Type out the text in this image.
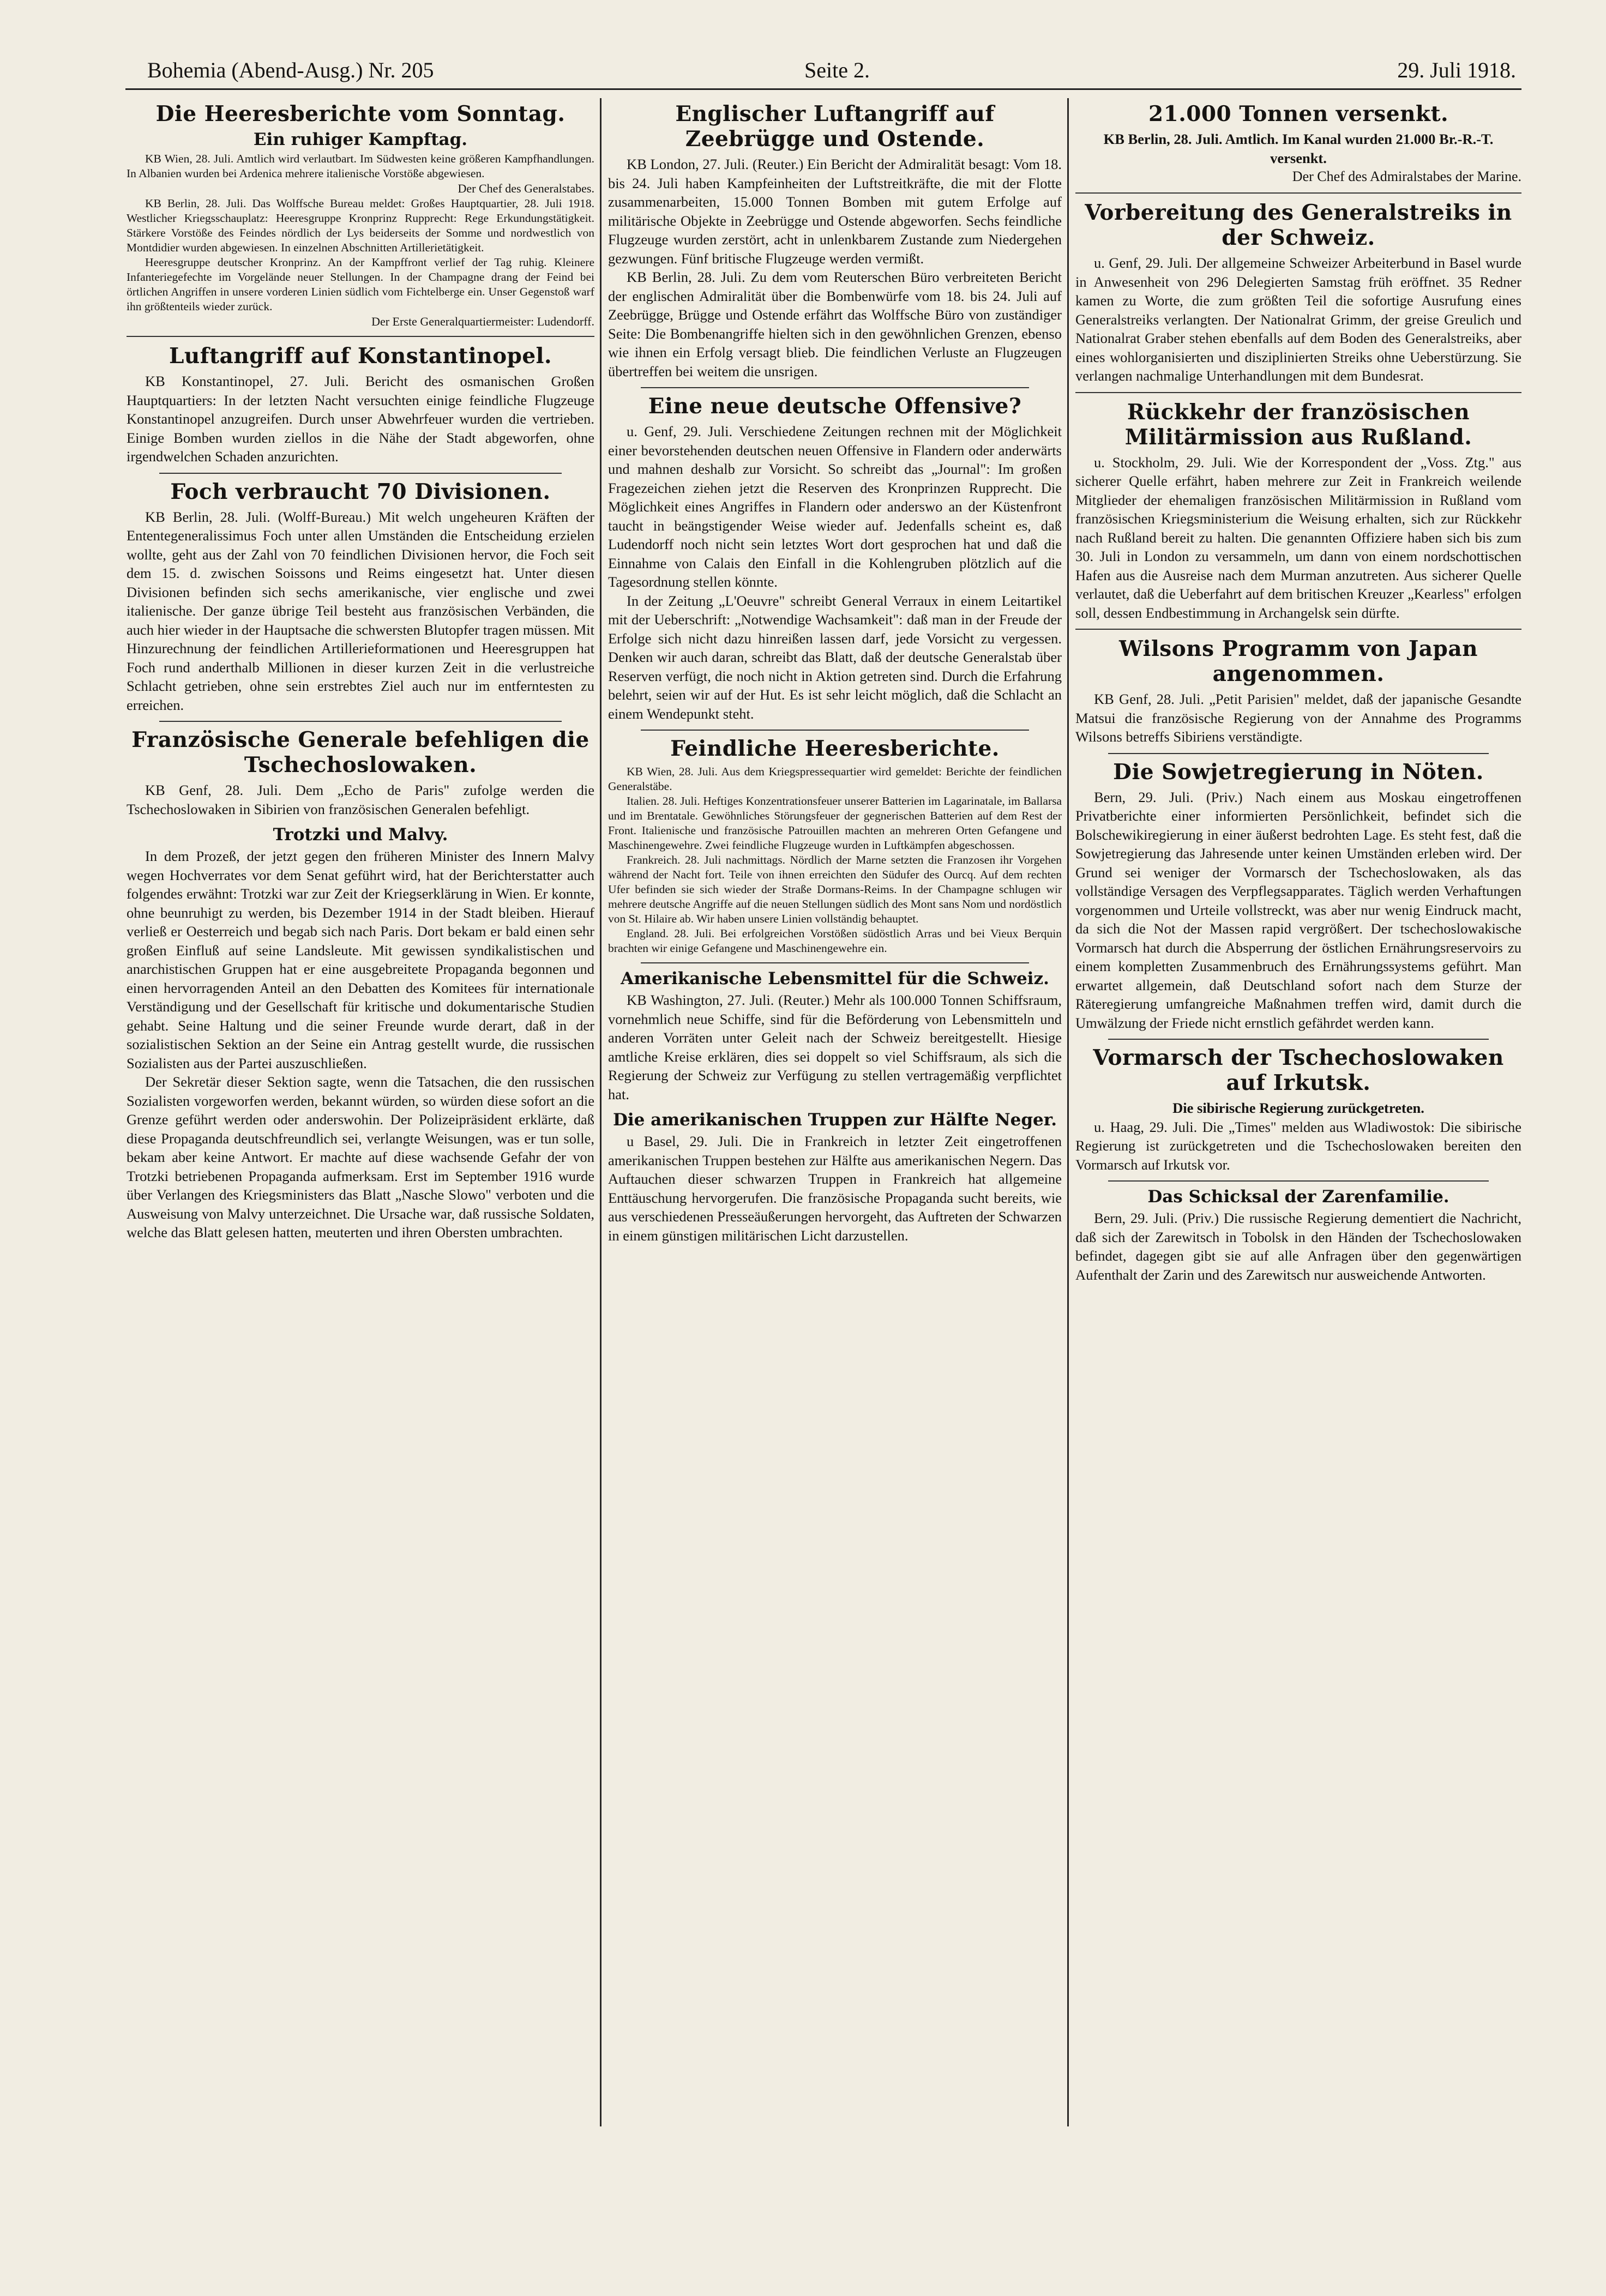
Bohemia (Abend-Ausg.) Nr. 205	Seite 2.	29. Juli 1918.
Die Heeresberichte vom Sonntag.
Ein ruhiger Kampftag.

KB Wien, 28. Juli. Amtlich wird verlautbart. Im Südwesten keine größeren Kampfhandlungen. In Albanien wurden bei Ardenica mehrere italienische Vorstöße abgewiesen.

Der Chef des Generalstabes.

KB Berlin, 28. Juli. Das Wolffsche Bureau meldet: Großes Hauptquartier, 28. Juli 1918. Westlicher Kriegsschauplatz: Heeresgruppe Kronprinz Rupprecht: Rege Erkundungstätigkeit. Stärkere Vorstöße des Feindes nördlich der Lys beiderseits der Somme und nordwestlich von Montdidier wurden abgewiesen. In einzelnen Abschnitten Artillerietätigkeit.

Heeresgruppe deutscher Kronprinz. An der Kampffront verlief der Tag ruhig. Kleinere Infanteriegefechte im Vorgelände neuer Stellungen. In der Champagne drang der Feind bei örtlichen Angriffen in unsere vorderen Linien südlich vom Fichtelberge ein. Unser Gegenstoß warf ihn größtenteils wieder zurück.

Der Erste Generalquartiermeister: Ludendorff.

Luftangriff auf Konstantinopel.

KB Konstantinopel, 27. Juli. Bericht des osmanischen Großen Hauptquartiers: In der letzten Nacht versuchten einige feindliche Flugzeuge Konstantinopel anzugreifen. Durch unser Abwehrfeuer wurden die vertrieben. Einige Bomben wurden ziellos in die Nähe der Stadt abgeworfen, ohne irgendwelchen Schaden anzurichten.

Foch verbraucht 70 Divisionen.

KB Berlin, 28. Juli. (Wolff-Bureau.) Mit welch ungeheuren Kräften der Ententegeneralissimus Foch unter allen Umständen die Entscheidung erzielen wollte, geht aus der Zahl von 70 feindlichen Divisionen hervor, die Foch seit dem 15. d. zwischen Soissons und Reims eingesetzt hat. Unter diesen Divisionen befinden sich sechs amerikanische, vier englische und zwei italienische. Der ganze übrige Teil besteht aus französischen Verbänden, die auch hier wieder in der Hauptsache die schwersten Blutopfer tragen müssen. Mit Hinzurechnung der feindlichen Artillerieformationen und Heeresgruppen hat Foch rund anderthalb Millionen in dieser kurzen Zeit in die verlustreiche Schlacht getrieben, ohne sein erstrebtes Ziel auch nur im entferntesten zu erreichen.

Französische Generale befehligen die Tschechoslowaken.

KB Genf, 28. Juli. Dem „Echo de Paris" zufolge werden die Tschechoslowaken in Sibirien von französischen Generalen befehligt.

Trotzki und Malvy.

In dem Prozeß, der jetzt gegen den früheren Minister des Innern Malvy wegen Hochverrates vor dem Senat geführt wird, hat der Berichterstatter auch folgendes erwähnt: Trotzki war zur Zeit der Kriegserklärung in Wien. Er konnte, ohne beunruhigt zu werden, bis Dezember 1914 in der Stadt bleiben. Hierauf verließ er Oesterreich und begab sich nach Paris. Dort bekam er bald einen sehr großen Einfluß auf seine Landsleute. Mit gewissen syndikalistischen und anarchistischen Gruppen hat er eine ausgebreitete Propaganda begonnen und einen hervorragenden Anteil an den Debatten des Komitees für internationale Verständigung und der Gesellschaft für kritische und dokumentarische Studien gehabt. Seine Haltung und die seiner Freunde wurde derart, daß in der sozialistischen Sektion an der Seine ein Antrag gestellt wurde, die russischen Sozialisten aus der Partei auszuschließen.

Der Sekretär dieser Sektion sagte, wenn die Tatsachen, die den russischen Sozialisten vorgeworfen werden, bekannt würden, so würden diese sofort an die Grenze geführt werden oder anderswohin. Der Polizeipräsident erklärte, daß diese Propaganda deutschfreundlich sei, verlangte Weisungen, was er tun solle, bekam aber keine Antwort. Er machte auf diese wachsende Gefahr der von Trotzki betriebenen Propaganda aufmerksam. Erst im September 1916 wurde über Verlangen des Kriegsministers das Blatt „Nasche Slowo" verboten und die Ausweisung von Malvy unterzeichnet. Die Ursache war, daß russische Soldaten, welche das Blatt gelesen hatten, meuterten und ihren Obersten umbrachten.

Englischer Luftangriff auf Zeebrügge und Ostende.

KB London, 27. Juli. (Reuter.) Ein Bericht der Admiralität besagt: Vom 18. bis 24. Juli haben Kampfeinheiten der Luftstreitkräfte, die mit der Flotte zusammenarbeiten, 15.000 Tonnen Bomben mit gutem Erfolge auf militärische Objekte in Zeebrügge und Ostende abgeworfen. Sechs feindliche Flugzeuge wurden zerstört, acht in unlenkbarem Zustande zum Niedergehen gezwungen. Fünf britische Flugzeuge werden vermißt.

KB Berlin, 28. Juli. Zu dem vom Reuterschen Büro verbreiteten Bericht der englischen Admiralität über die Bombenwürfe vom 18. bis 24. Juli auf Zeebrügge, Brügge und Ostende erfährt das Wolffsche Büro von zuständiger Seite: Die Bombenangriffe hielten sich in den gewöhnlichen Grenzen, ebenso wie ihnen ein Erfolg versagt blieb. Die feindlichen Verluste an Flugzeugen übertreffen bei weitem die unsrigen.

Eine neue deutsche Offensive?

u. Genf, 29. Juli. Verschiedene Zeitungen rechnen mit der Möglichkeit einer bevorstehenden deutschen neuen Offensive in Flandern oder anderwärts und mahnen deshalb zur Vorsicht. So schreibt das „Journal": Im großen Fragezeichen ziehen jetzt die Reserven des Kronprinzen Rupprecht. Die Möglichkeit eines Angriffes in Flandern oder anderswo an der Küstenfront taucht in beängstigender Weise wieder auf. Jedenfalls scheint es, daß Ludendorff noch nicht sein letztes Wort dort gesprochen hat und daß die Einnahme von Calais den Einfall in die Kohlengruben plötzlich auf die Tagesordnung stellen könnte.

In der Zeitung „L'Oeuvre" schreibt General Verraux in einem Leitartikel mit der Ueberschrift: „Notwendige Wachsamkeit": daß man in der Freude der Erfolge sich nicht dazu hinreißen lassen darf, jede Vorsicht zu vergessen. Denken wir auch daran, schreibt das Blatt, daß der deutsche Generalstab über Reserven verfügt, die noch nicht in Aktion getreten sind. Durch die Erfahrung belehrt, seien wir auf der Hut. Es ist sehr leicht möglich, daß die Schlacht an einem Wendepunkt steht.

Feindliche Heeresberichte.

KB Wien, 28. Juli. Aus dem Kriegspressequartier wird gemeldet: Berichte der feindlichen Generalstäbe.

Italien. 28. Juli. Heftiges Konzentrationsfeuer unserer Batterien im Lagarinatale, im Ballarsa und im Brentatale. Gewöhnliches Störungsfeuer der gegnerischen Batterien auf dem Rest der Front. Italienische und französische Patrouillen machten an mehreren Orten Gefangene und Maschinengewehre. Zwei feindliche Flugzeuge wurden in Luftkämpfen abgeschossen.

Frankreich. 28. Juli nachmittags. Nördlich der Marne setzten die Franzosen ihr Vorgehen während der Nacht fort. Teile von ihnen erreichten den Südufer des Ourcq. Auf dem rechten Ufer befinden sie sich wieder der Straße Dormans-Reims. In der Champagne schlugen wir mehrere deutsche Angriffe auf die neuen Stellungen südlich des Mont sans Nom und nordöstlich von St. Hilaire ab. Wir haben unsere Linien vollständig behauptet.

England. 28. Juli. Bei erfolgreichen Vorstößen südöstlich Arras und bei Vieux Berquin brachten wir einige Gefangene und Maschinengewehre ein.

Amerikanische Lebensmittel für die Schweiz.

KB Washington, 27. Juli. (Reuter.) Mehr als 100.000 Tonnen Schiffsraum, vornehmlich neue Schiffe, sind für die Beförderung von Lebensmitteln und anderen Vorräten unter Geleit nach der Schweiz bereitgestellt. Hiesige amtliche Kreise erklären, dies sei doppelt so viel Schiffsraum, als sich die Regierung der Schweiz zur Verfügung zu stellen vertragemäßig verpflichtet hat.

Die amerikanischen Truppen zur Hälfte Neger.

u Basel, 29. Juli. Die in Frankreich in letzter Zeit eingetroffenen amerikanischen Truppen bestehen zur Hälfte aus amerikanischen Negern. Das Auftauchen dieser schwarzen Truppen in Frankreich hat allgemeine Enttäuschung hervorgerufen. Die französische Propaganda sucht bereits, wie aus verschiedenen Presseäußerungen hervorgeht, das Auftreten der Schwarzen in einem günstigen militärischen Licht darzustellen.

21.000 Tonnen versenkt.

KB Berlin, 28. Juli. Amtlich. Im Kanal wurden 21.000 Br.-R.-T. versenkt.

Der Chef des Admiralstabes der Marine.

Vorbereitung des Generalstreiks in der Schweiz.

u. Genf, 29. Juli. Der allgemeine Schweizer Arbeiterbund in Basel wurde in Anwesenheit von 296 Delegierten Samstag früh eröffnet. 35 Redner kamen zu Worte, die zum größten Teil die sofortige Ausrufung eines Generalstreiks verlangten. Der Nationalrat Grimm, der greise Greulich und Nationalrat Graber stehen ebenfalls auf dem Boden des Generalstreiks, aber eines wohlorganisierten und disziplinierten Streiks ohne Ueberstürzung. Sie verlangen nachmalige Unterhandlungen mit dem Bundesrat.

Rückkehr der französischen Militärmission aus Rußland.

u. Stockholm, 29. Juli. Wie der Korrespondent der „Voss. Ztg." aus sicherer Quelle erfährt, haben mehrere zur Zeit in Frankreich weilende Mitglieder der ehemaligen französischen Militärmission in Rußland vom französischen Kriegsministerium die Weisung erhalten, sich zur Rückkehr nach Rußland bereit zu halten. Die genannten Offiziere haben sich bis zum 30. Juli in London zu versammeln, um dann von einem nordschottischen Hafen aus die Ausreise nach dem Murman anzutreten. Aus sicherer Quelle verlautet, daß die Ueberfahrt auf dem britischen Kreuzer „Kearless" erfolgen soll, dessen Endbestimmung in Archangelsk sein dürfte.

Wilsons Programm von Japan angenommen.

KB Genf, 28. Juli. „Petit Parisien" meldet, daß der japanische Gesandte Matsui die französische Regierung von der Annahme des Programms Wilsons betreffs Sibiriens verständigte.

Die Sowjetregierung in Nöten.

Bern, 29. Juli. (Priv.) Nach einem aus Moskau eingetroffenen Privatberichte einer informierten Persönlichkeit, befindet sich die Bolschewikiregierung in einer äußerst bedrohten Lage. Es steht fest, daß die Sowjetregierung das Jahresende unter keinen Umständen erleben wird. Der Grund sei weniger der Vormarsch der Tschechoslowaken, als das vollständige Versagen des Verpflegsapparates. Täglich werden Verhaftungen vorgenommen und Urteile vollstreckt, was aber nur wenig Eindruck macht, da sich die Not der Massen rapid vergrößert. Der tschechoslowakische Vormarsch hat durch die Absperrung der östlichen Ernährungsreservoirs zu einem kompletten Zusammenbruch des Ernährungssystems geführt. Man erwartet allgemein, daß Deutschland sofort nach dem Sturze der Räteregierung umfangreiche Maßnahmen treffen wird, damit durch die Umwälzung der Friede nicht ernstlich gefährdet werden kann.

Vormarsch der Tschechoslowaken auf Irkutsk.

Die sibirische Regierung zurückgetreten.

u. Haag, 29. Juli. Die „Times" melden aus Wladiwostok: Die sibirische Regierung ist zurückgetreten und die Tschechoslowaken bereiten den Vormarsch auf Irkutsk vor.

Das Schicksal der Zarenfamilie.

Bern, 29. Juli. (Priv.) Die russische Regierung dementiert die Nachricht, daß sich der Zarewitsch in Tobolsk in den Händen der Tschechoslowaken befindet, dagegen gibt sie auf alle Anfragen über den gegenwärtigen Aufenthalt der Zarin und des Zarewitsch nur ausweichende Antworten.
